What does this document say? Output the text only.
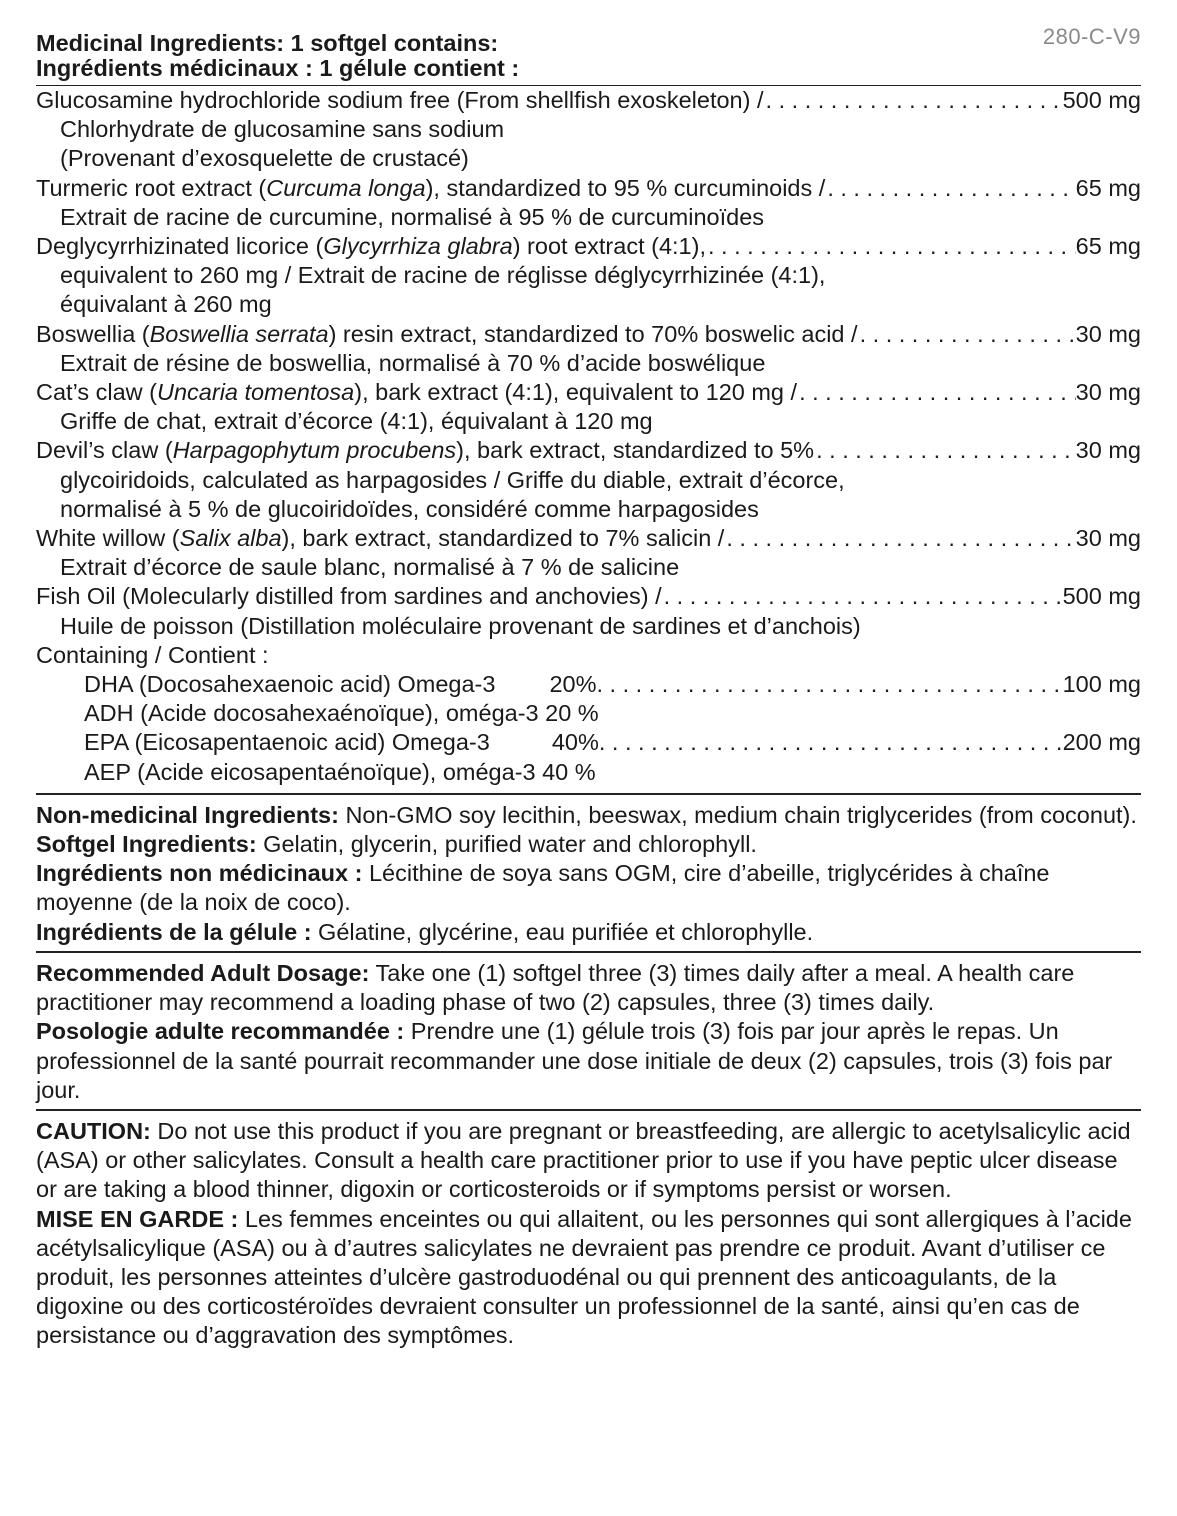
280-C-V9
Medicinal Ingredients: 1 softgel contains:
Ingrédients médicinaux : 1 gélule contient :
Glucosamine hydrochloride sodium free (From shellfish exoskeleton) / . . .	500 mg
Chlorhydrate de glucosamine sans sodium
(Provenant d’exosquelette de crustacé)
Turmeric root extract (Curcuma longa), standardized to 95 % curcuminoids / . . .	65 mg
Extrait de racine de curcumine, normalisé à 95 % de curcuminoïdes
Deglycyrrhizinated licorice (Glycyrrhiza glabra) root extract (4:1), . . .	65 mg
equivalent to 260 mg / Extrait de racine de réglisse déglycyrrhizinée (4:1),
équivalant à 260 mg
Boswellia (Boswellia serrata) resin extract, standardized to 70% boswelic acid / . . .	30 mg
Extrait de résine de boswellia, normalisé à 70 % d’acide boswélique
Cat’s claw (Uncaria tomentosa), bark extract (4:1), equivalent to 120 mg / . . .	30 mg
Griffe de chat, extrait d’écorce (4:1), équivalant à 120 mg
Devil’s claw (Harpagophytum procubens), bark extract, standardized to 5% . . .	30 mg
glycoiridoids, calculated as harpagosides / Griffe du diable, extrait d’écorce,
normalisé à 5 % de glucoiridoïdes, considéré comme harpagosides
White willow (Salix alba), bark extract, standardized to 7% salicin / . . .	30 mg
Extrait d’écorce de saule blanc, normalisé à 7 % de salicine
Fish Oil (Molecularly distilled from sardines and anchovies) / . . .	500 mg
Huile de poisson (Distillation moléculaire provenant de sardines et d’anchois)
Containing / Contient :
DHA (Docosahexaenoic acid) Omega-3	20% . . .	100 mg
ADH (Acide docosahexaénoïque), oméga-3 20 %
EPA (Eicosapentaenoic acid) Omega-3	40% . . .	200 mg
AEP (Acide eicosapentaénoïque), oméga-3 40 %
Non-medicinal Ingredients: Non-GMO soy lecithin, beeswax, medium chain triglycerides (from coconut).
Softgel Ingredients: Gelatin, glycerin, purified water and chlorophyll.
Ingrédients non médicinaux : Lécithine de soya sans OGM, cire d’abeille, triglycérides à chaîne moyenne (de la noix de coco).
Ingrédients de la gélule : Gélatine, glycérine, eau purifiée et chlorophylle.
Recommended Adult Dosage: Take one (1) softgel three (3) times daily after a meal. A health care practitioner may recommend a loading phase of two (2) capsules, three (3) times daily.
Posologie adulte recommandée : Prendre une (1) gélule trois (3) fois par jour après le repas. Un professionnel de la santé pourrait recommander une dose initiale de deux (2) capsules, trois (3) fois par jour.
CAUTION: Do not use this product if you are pregnant or breastfeeding, are allergic to acetylsalicylic acid (ASA) or other salicylates. Consult a health care practitioner prior to use if you have peptic ulcer disease or are taking a blood thinner, digoxin or corticosteroids or if symptoms persist or worsen.
MISE EN GARDE : Les femmes enceintes ou qui allaitent, ou les personnes qui sont allergiques à l’acide acétylsalicylique (ASA) ou à d’autres salicylates ne devraient pas prendre ce produit. Avant d’utiliser ce produit, les personnes atteintes d’ulcère gastroduodénal ou qui prennent des anticoagulants, de la digoxine ou des corticostéroïdes devraient consulter un professionnel de la santé, ainsi qu’en cas de persistance ou d’aggravation des symptômes.
